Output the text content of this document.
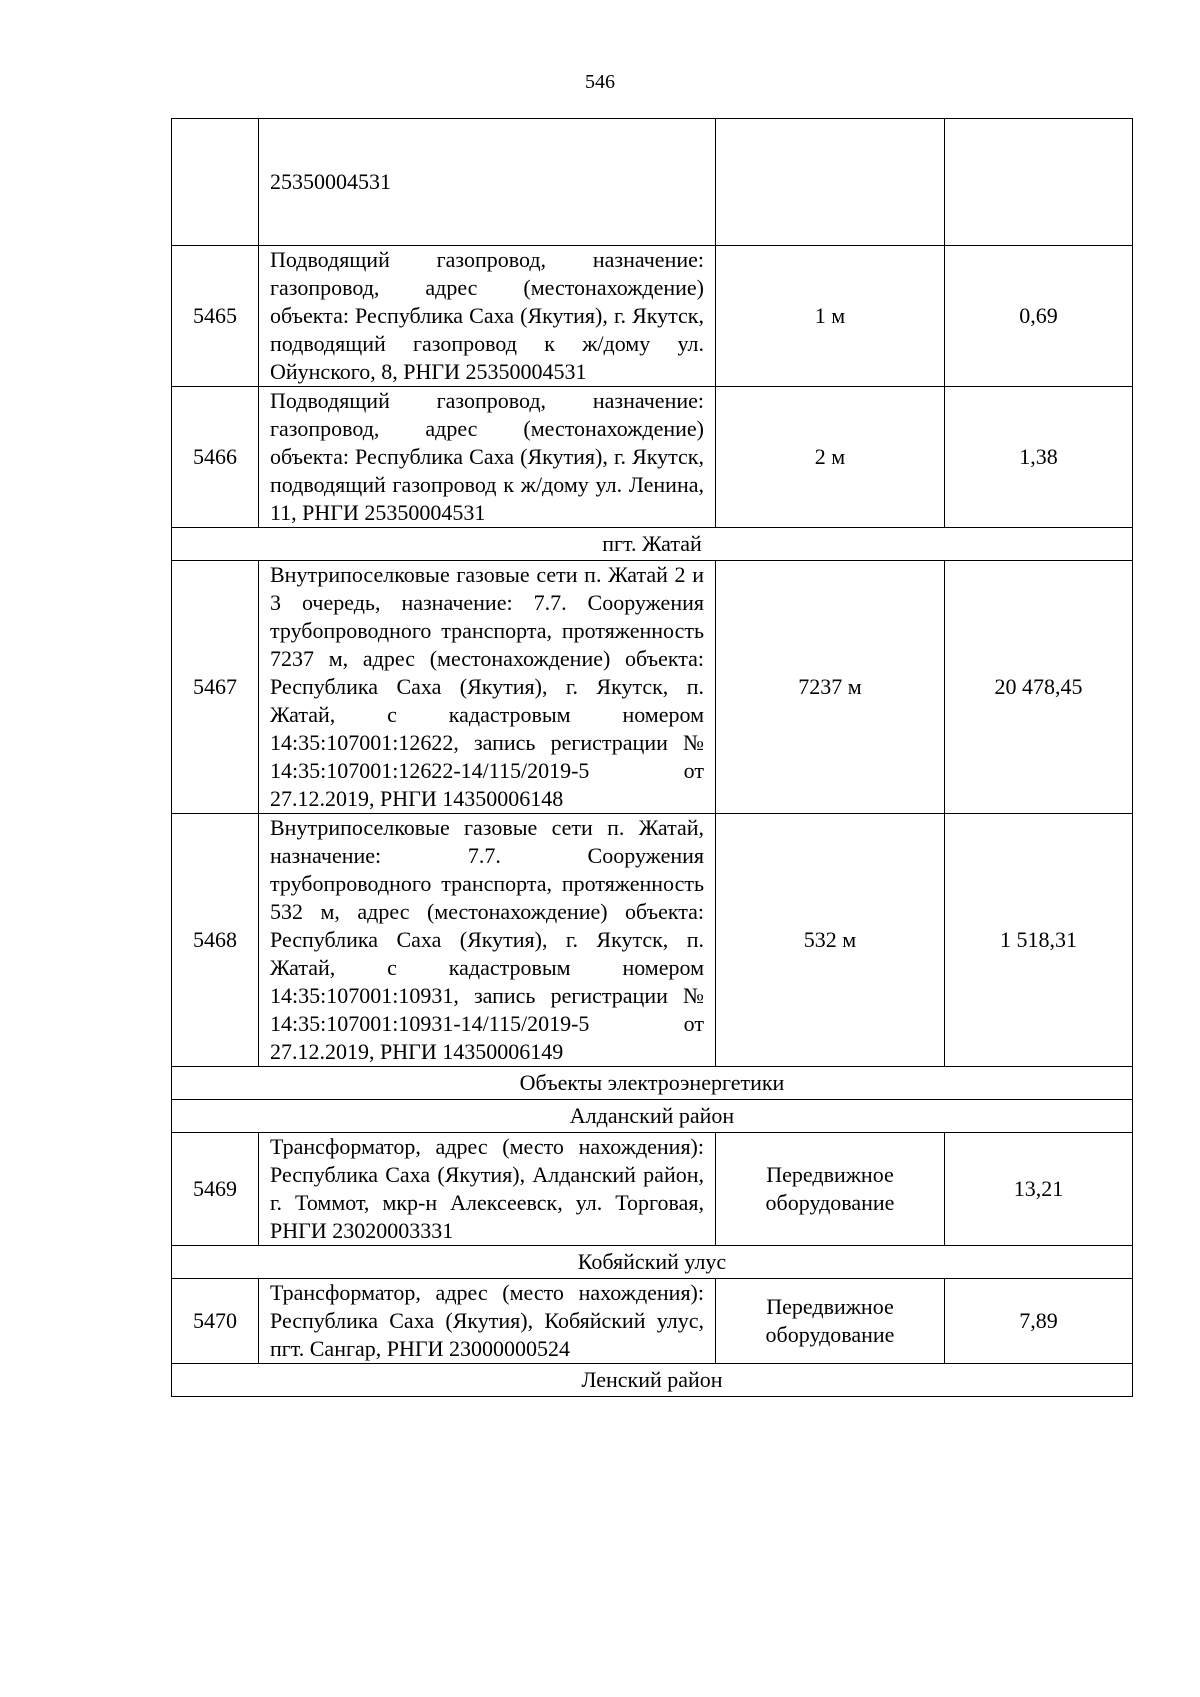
546
	25350004531		
5465	Подводящий газопровод, назначение: газопровод, адрес (местонахождение) объекта: Республика Саха (Якутия), г. Якутск, подводящий газопровод к ж/дому ул. Ойунского, 8, РНГИ 25350004531	1 м	0,69
5466	Подводящий газопровод, назначение: газопровод, адрес (местонахождение) объекта: Республика Саха (Якутия), г. Якутск, подводящий газопровод к ж/дому ул. Ленина, 11, РНГИ 25350004531	2 м	1,38
пгт. Жатай			
5467	Внутрипоселковые газовые сети п. Жатай 2 и 3 очередь, назначение: 7.7. Сооружения трубопроводного транспорта, протяженность 7237 м, адрес (местонахождение) объекта: Республика Саха (Якутия), г. Якутск, п. Жатай, с кадастровым номером 14:35:107001:12622, запись регистрации № 14:35:107001:12622-14/115/2019-5 от 27.12.2019, РНГИ 14350006148	7237 м	20 478,45
5468	Внутрипоселковые газовые сети п. Жатай, назначение: 7.7. Сооружения трубопроводного транспорта, протяженность 532 м, адрес (местонахождение) объекта: Республика Саха (Якутия), г. Якутск, п. Жатай, с кадастровым номером 14:35:107001:10931, запись регистрации № 14:35:107001:10931-14/115/2019-5 от 27.12.2019, РНГИ 14350006149	532 м	1 518,31
Объекты электроэнергетики			
Алданский район			
5469	Трансформатор, адрес (место нахождения): Республика Саха (Якутия), Алданский район, г. Томмот, мкр-н Алексеевск, ул. Торговая, РНГИ 23020003331	Передвижное оборудование	13,21
Кобяйский улус			
5470	Трансформатор, адрес (место нахождения): Республика Саха (Якутия), Кобяйский улус, пгт. Сангар, РНГИ 23000000524	Передвижное оборудование	7,89
Ленский район			
